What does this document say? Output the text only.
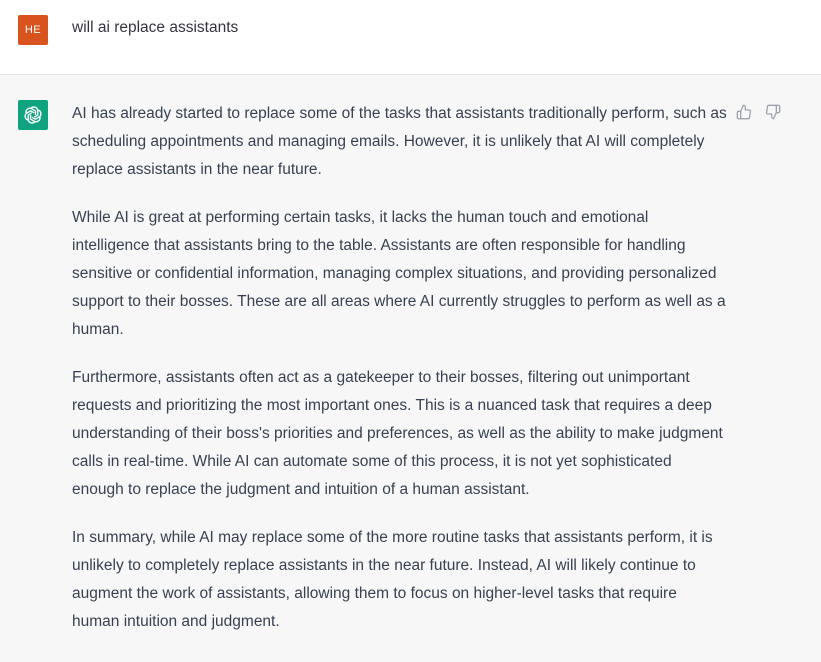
HE	will ai replace assistants

AI has already started to replace some of the tasks that assistants traditionally perform, such as scheduling appointments and managing emails. However, it is unlikely that AI will completely replace assistants in the near future.

While AI is great at performing certain tasks, it lacks the human touch and emotional intelligence that assistants bring to the table. Assistants are often responsible for handling sensitive or confidential information, managing complex situations, and providing personalized support to their bosses. These are all areas where AI currently struggles to perform as well as a human.

Furthermore, assistants often act as a gatekeeper to their bosses, filtering out unimportant requests and prioritizing the most important ones. This is a nuanced task that requires a deep understanding of their boss's priorities and preferences, as well as the ability to make judgment calls in real-time. While AI can automate some of this process, it is not yet sophisticated enough to replace the judgment and intuition of a human assistant.

In summary, while AI may replace some of the more routine tasks that assistants perform, it is unlikely to completely replace assistants in the near future. Instead, AI will likely continue to augment the work of assistants, allowing them to focus on higher-level tasks that require human intuition and judgment.
